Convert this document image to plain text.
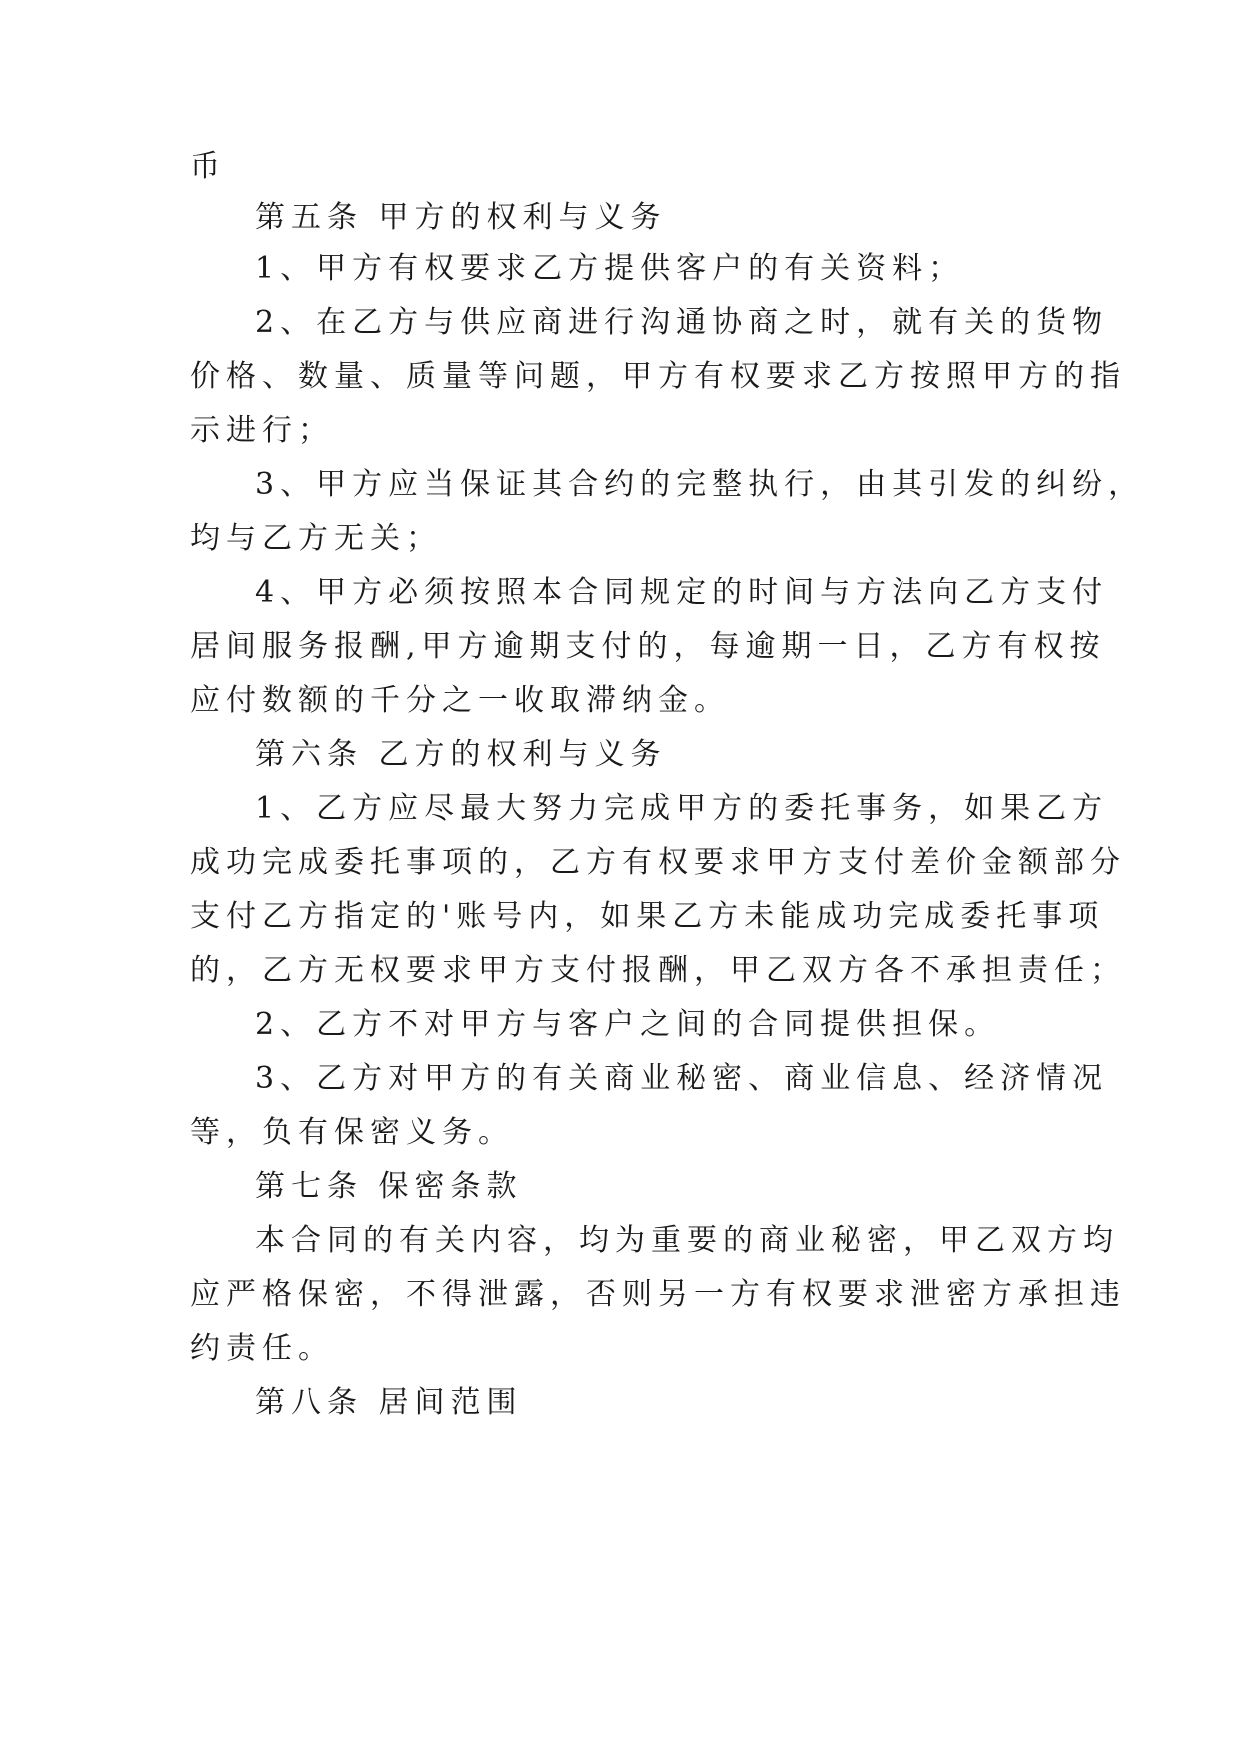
币
第五条 甲方的权利与义务
1、甲方有权要求乙方提供客户的有关资料；
2、在乙方与供应商进行沟通协商之时，就有关的货物
价格、数量、质量等问题，甲方有权要求乙方按照甲方的指
示进行；
3、甲方应当保证其合约的完整执行，由其引发的纠纷，
均与乙方无关；
4、甲方必须按照本合同规定的时间与方法向乙方支付
居间服务报酬,甲方逾期支付的，每逾期一日，乙方有权按
应付数额的千分之一收取滞纳金。
第六条 乙方的权利与义务
1、乙方应尽最大努力完成甲方的委托事务，如果乙方
成功完成委托事项的，乙方有权要求甲方支付差价金额部分
支付乙方指定的'账号内，如果乙方未能成功完成委托事项
的，乙方无权要求甲方支付报酬，甲乙双方各不承担责任；
2、乙方不对甲方与客户之间的合同提供担保。
3、乙方对甲方的有关商业秘密、商业信息、经济情况
等，负有保密义务。
第七条 保密条款
本合同的有关内容，均为重要的商业秘密，甲乙双方均
应严格保密，不得泄露，否则另一方有权要求泄密方承担违
约责任。
第八条 居间范围
